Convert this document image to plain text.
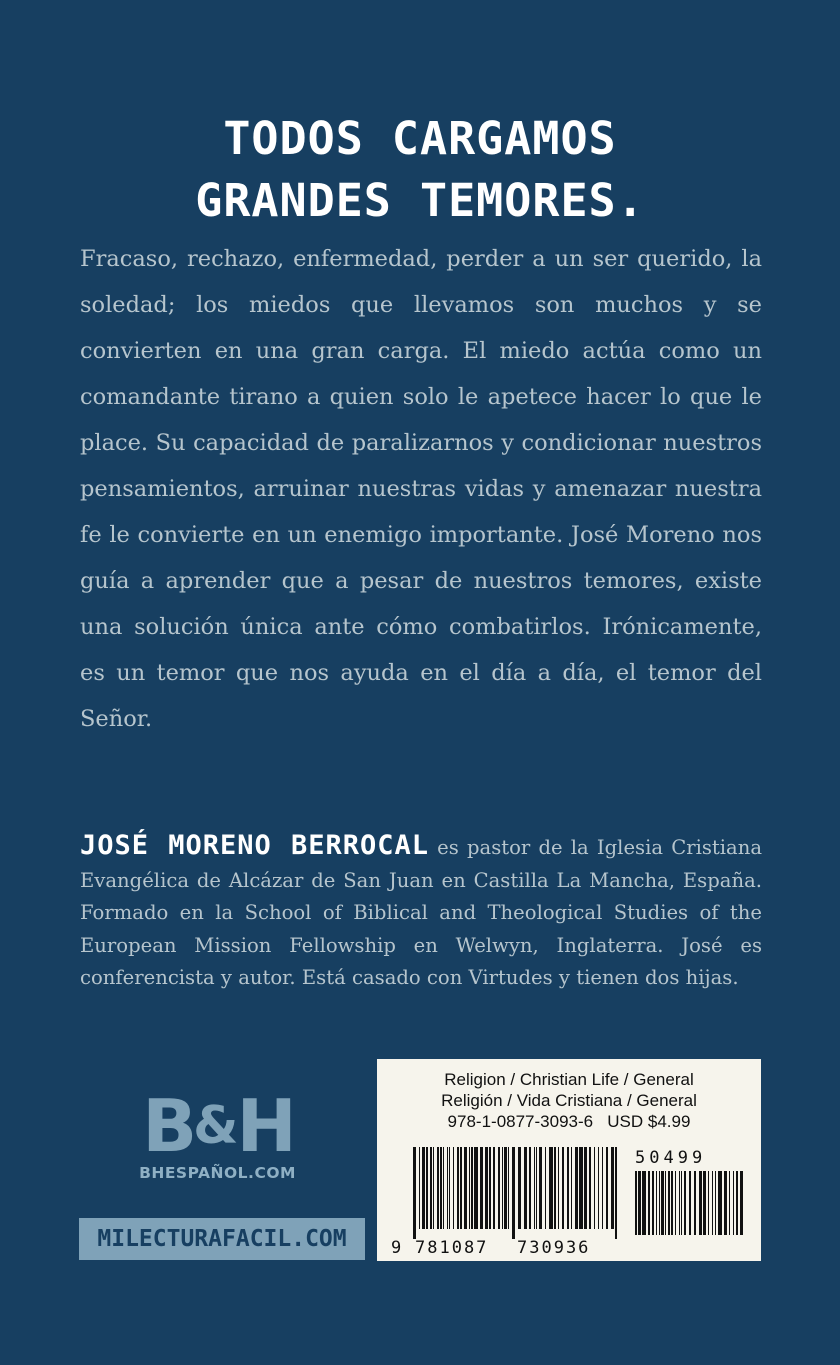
TODOS CARGAMOS
GRANDES TEMORES.

Fracaso, rechazo, enfermedad, perder a un ser querido, la soledad; los miedos que llevamos son muchos y se convierten en una gran carga. El miedo actúa como un comandante tirano a quien solo le apetece hacer lo que le place. Su capacidad de paralizarnos y condicionar nuestros pensamientos, arruinar nuestras vidas y amenazar nuestra fe le convierte en un enemigo importante. José Moreno nos guía a aprender que a pesar de nuestros temores, existe una solución única ante cómo combatirlos. Irónicamente, es un temor que nos ayuda en el día a día, el temor del Señor.

JOSÉ MORENO BERROCAL es pastor de la Iglesia Cristiana Evangélica de Alcázar de San Juan en Castilla La Mancha, España. Formado en la School of Biblical and Theological Studies of the European Mission Fellowship en Welwyn, Inglaterra. José es conferencista y autor. Está casado con Virtudes y tienen dos hijas.
B&H
BHESPAÑOL.COM
MILECTURAFACIL.COM
Religion / Christian Life / General
Religión / Vida Cristiana / General
978-1-0877-3093-6   USD $4.99
50499
9 781087 730936
